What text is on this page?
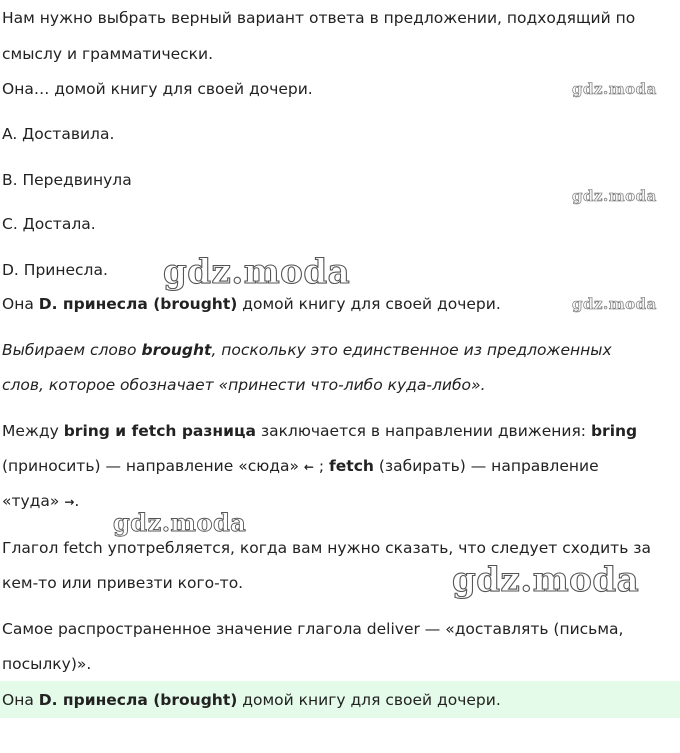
Нам нужно выбрать верный вариант ответа в предложении, подходящий по
смыслу и грамматически.
Она… домой книгу для своей дочери.
A. Доставила.
B. Передвинула
C. Достала.
D. Принесла.
Она D. принесла (brought) домой книгу для своей дочери.
Выбираем слово brought, поскольку это единственное из предложенных
слов, которое обозначает «принести что-либо куда-либо».
Между bring и fetch разница заключается в направлении движения: bring
(приносить) — направление «сюда» ← ; fetch (забирать) — направление
«туда» →.
Глагол fetch употребляется, когда вам нужно сказать, что следует сходить за
кем-то или привезти кого-то.
Самое распространенное значение глагола deliver — «доставлять (письма,
посылку)».
Она D. принесла (brought) домой книгу для своей дочери.
gdz.moda
gdz.moda
gdz.moda
gdz.moda
gdz.moda
gdz.moda
